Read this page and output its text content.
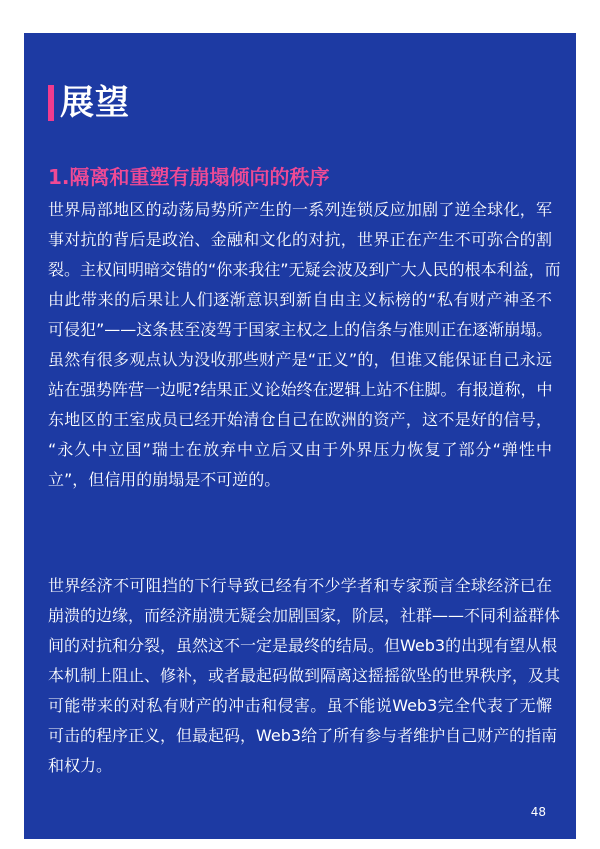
展望
1.隔离和重塑有崩塌倾向的秩序
世界局部地区的动荡局势所产生的一系列连锁反应加剧了逆全球化，军
事对抗的背后是政治、金融和文化的对抗，世界正在产生不可弥合的割
裂。主权间明暗交错的“你来我往”无疑会波及到广大人民的根本利益，而
由此带来的后果让人们逐渐意识到新自由主义标榜的“私有财产神圣不
可侵犯”——这条甚至凌驾于国家主权之上的信条与准则正在逐渐崩塌。
虽然有很多观点认为没收那些财产是“正义”的，但谁又能保证自己永远
站在强势阵营一边呢?结果正义论始终在逻辑上站不住脚。有报道称，中
东地区的王室成员已经开始清仓自己在欧洲的资产，这不是好的信号，
“永久中立国”瑞士在放弃中立后又由于外界压力恢复了部分“弹性中
立”，但信用的崩塌是不可逆的。
世界经济不可阻挡的下行导致已经有不少学者和专家预言全球经济已在
崩溃的边缘，而经济崩溃无疑会加剧国家，阶层，社群——不同利益群体
间的对抗和分裂，虽然这不一定是最终的结局。但Web3的出现有望从根
本机制上阻止、修补，或者最起码做到隔离这摇摇欲坠的世界秩序，及其
可能带来的对私有财产的冲击和侵害。虽不能说Web3完全代表了无懈
可击的程序正义，但最起码，Web3给了所有参与者维护自己财产的指南
和权力。
48
